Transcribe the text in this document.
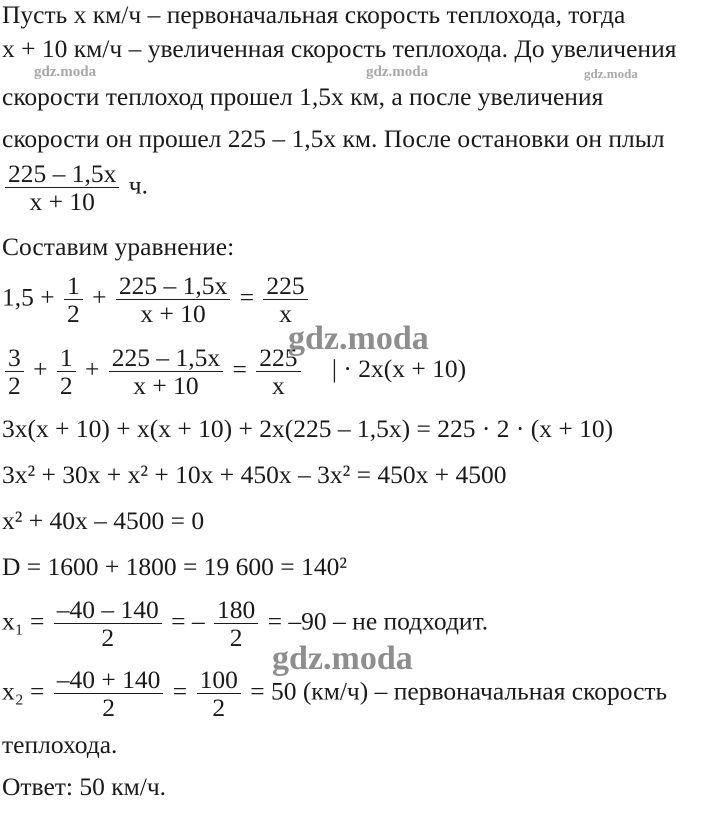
Пусть x км/ч – первоначальная скорость теплохода, тогда
x + 10 км/ч – увеличенная скорость теплохода. До увеличения
скорости теплоход прошел 1,5x км, а после увеличения
скорости он прошел 225 – 1,5x км. После остановки он плыл
$\frac{225 - 1,5x}{x + 10} ч$.
Составим уравнение:
$1,5 + \frac{1}{2} + \frac{225 - 1,5x}{x + 10} = \frac{225}{x}$
$\frac{3}{2} + \frac{1}{2} + \frac{225 - 1,5x}{x + 10} = \frac{225}{x}$ | · 2x(x + 10)
3x(x + 10) + x(x + 10) + 2x(225 – 1,5x) = 225 · 2 · (x + 10)
3x² + 30x + x² + 10x + 450x – 3x² = 450x + 4500
x² + 40x – 4500 = 0
D = 1600 + 1800 = 19 600 = 140²
$x_1 = \frac{-40 - 140}{2}$ = – $\frac{180}{2} = -90$ – не подходит.
$x_2 = \frac{-40 + 140}{2} = \frac{100}{2} = 50$ (км/ч) – первоначальная скорость
теплохода.
Ответ: 50 км/ч.
gdz.moda	gdz.moda	gdz.moda
gdz.moda
gdz.moda
